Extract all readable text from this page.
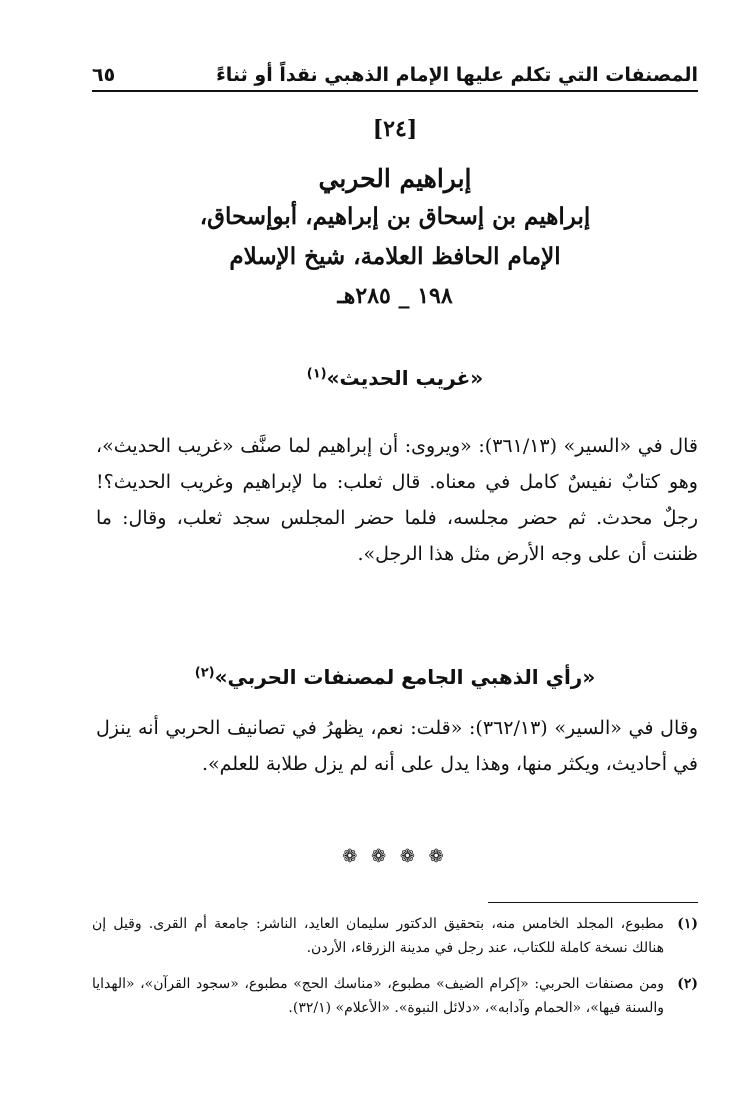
المصنفات التي تكلم عليها الإمام الذهبي نقداً أو ثناءً
٦٥
[٢٤]
إبراهيم الحربي
إبراهيم بن إسحاق بن إبراهيم، أبوإسحاق،
الإمام الحافظ العلامة، شيخ الإسلام
١٩٨ _ ٢٨٥هـ
«غريب الحديث»$^{(١)}$
قال في «السير» (٣٦١/١٣): «ويروى: أن إبراهيم لما صنَّف «غريب الحديث»، وهو كتابٌ نفيسٌ كامل في معناه. قال ثعلب: ما لإبراهيم وغريب الحديث؟! رجلٌ محدث. ثم حضر مجلسه، فلما حضر المجلس سجد ثعلب، وقال: ما ظننت أن على وجه الأرض مثل هذا الرجل».
«رأي الذهبي الجامع لمصنفات الحربي»$^{(٢)}$
وقال في «السير» (٣٦٢/١٣): «قلت: نعم، يظهرُ في تصانيف الحربي أنه ينزل في أحاديث، ويكثر منها، وهذا يدل على أنه لم يزل طلابة للعلم».
❁ ❁ ❁ ❁
(١)
مطبوع، المجلد الخامس منه، بتحقيق الدكتور سليمان العايد، الناشر: جامعة أم القرى. وقيل إن هنالك نسخة كاملة للكتاب، عند رجل في مدينة الزرقاء، الأردن.
(٢)
ومن مصنفات الحربي: «إكرام الضيف» مطبوع، «مناسك الحج» مطبوع، «سجود القرآن»، «الهدايا والسنة فيها»، «الحمام وآدابه»، «دلائل النبوة». «الأعلام» (٣٢/١).
